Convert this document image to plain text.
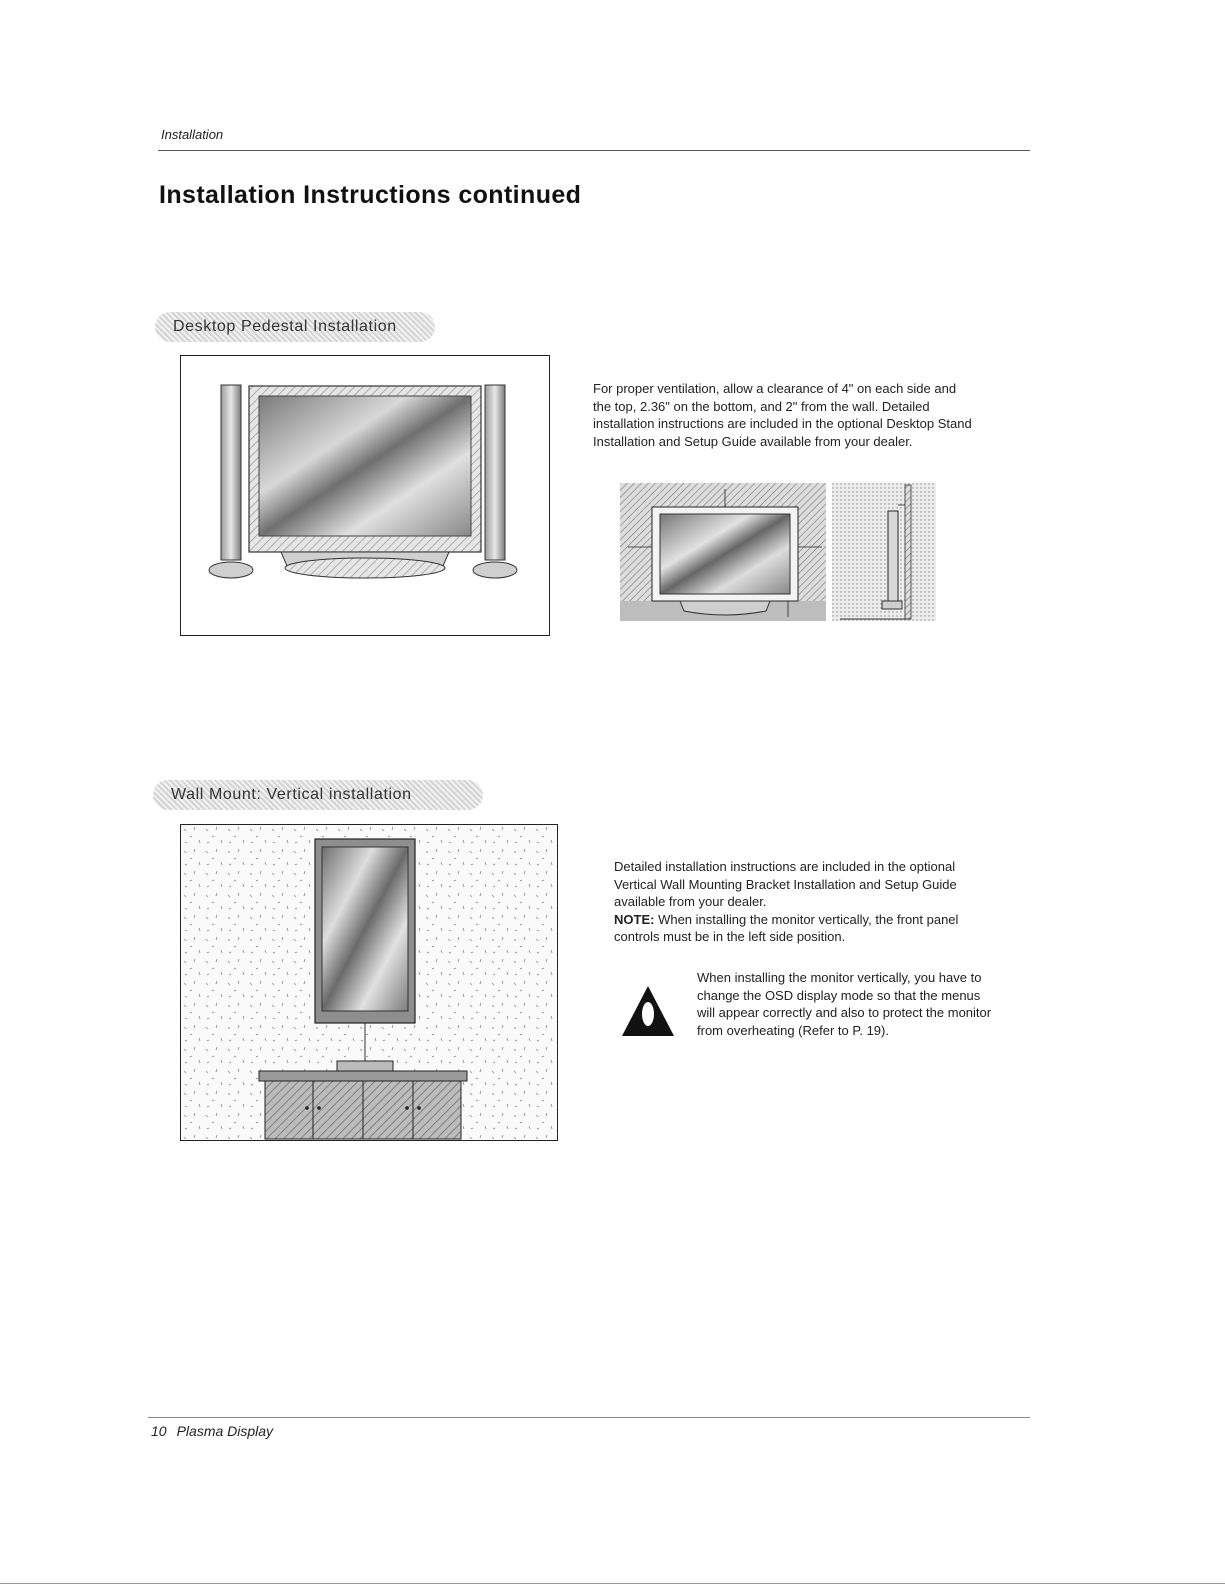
Installation
Installation Instructions continued
Desktop Pedestal Installation
For proper ventilation, allow a clearance of 4" on each side and the top, 2.36" on the bottom, and 2" from the wall. Detailed installation instructions are included in the optional Desktop Stand Installation and Setup Guide available from your dealer.
Wall Mount: Vertical installation
Detailed installation instructions are included in the optional Vertical Wall Mounting Bracket Installation and Setup Guide available from your dealer.
NOTE: When installing the monitor vertically, the front panel controls must be in the left side position.
When installing the monitor vertically, you have to change the OSD display mode so that the menus will appear correctly and also to protect the monitor from overheating (Refer to P. 19).
10 Plasma Display
